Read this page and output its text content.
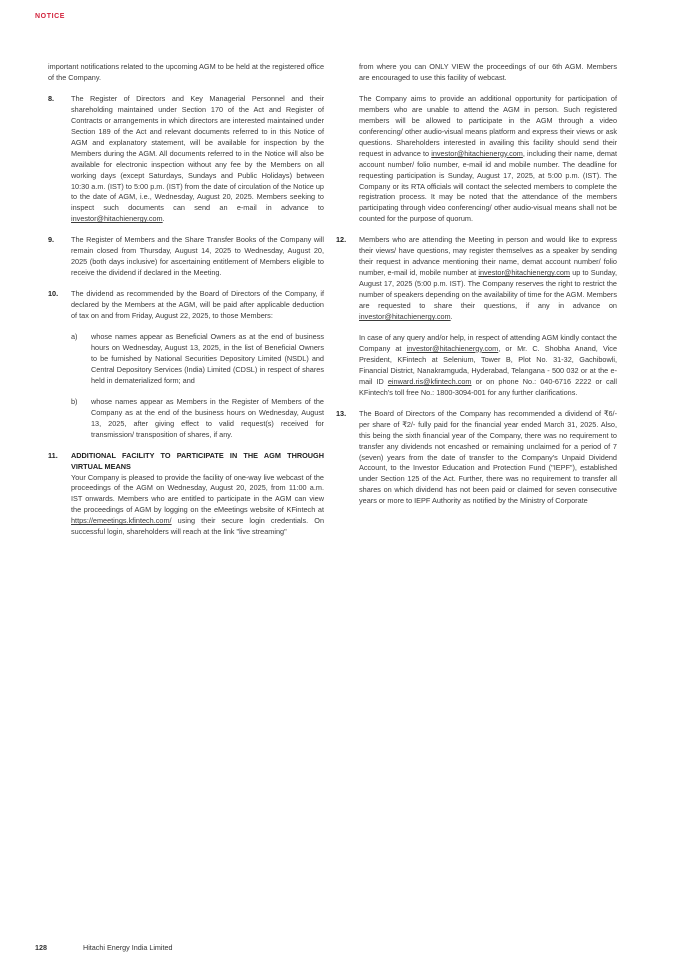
NOTICE

important notifications related to the upcoming AGM to be held at the registered office of the Company.

8. The Register of Directors and Key Managerial Personnel and their shareholding maintained under Section 170 of the Act and Register of Contracts or arrangements in which directors are interested maintained under Section 189 of the Act and relevant documents referred to in this Notice of AGM and explanatory statement, will be available for inspection by the Members during the AGM. All documents referred to in the Notice will also be available for electronic inspection without any fee by the Members on all working days (except Saturdays, Sundays and Public Holidays) between 10:30 a.m. (IST) to 5:00 p.m. (IST) from the date of circulation of the Notice up to the date of AGM, i.e., Wednesday, August 20, 2025. Members seeking to inspect such documents can send an e-mail in advance to investor@hitachienergy.com.
9. The Register of Members and the Share Transfer Books of the Company will remain closed from Thursday, August 14, 2025 to Wednesday, August 20, 2025 (both days inclusive) for ascertaining entitlement of Members eligible to receive the dividend if declared in the Meeting.
10. The dividend as recommended by the Board of Directors of the Company, if declared by the Members at the AGM, will be paid after applicable deduction of tax on and from Friday, August 22, 2025, to those Members:

a) whose names appear as Beneficial Owners as at the end of business hours on Wednesday, August 13, 2025, in the list of Beneficial Owners to be furnished by National Securities Depository Limited (NSDL) and Central Depository Services (India) Limited (CDSL) in respect of shares held in dematerialized form; and
b) whose names appear as Members in the Register of Members of the Company as at the end of the business hours on Wednesday, August 13, 2025, after giving effect to valid request(s) received for transmission/ transposition of shares, if any.
11. ADDITIONAL FACILITY TO PARTICIPATE IN THE AGM THROUGH VIRTUAL MEANS
Your Company is pleased to provide the facility of one-way live webcast of the proceedings of the AGM on Wednesday, August 20, 2025, from 11:00 a.m. IST onwards. Members who are entitled to participate in the AGM can view the proceedings of AGM by logging on the eMeetings website of KFintech at https://emeetings.kfintech.com/ using their secure login credentials. On successful login, shareholders will reach at the link "live streaming"

from where you can ONLY VIEW the proceedings of our 6th AGM. Members are encouraged to use this facility of webcast.

The Company aims to provide an additional opportunity for participation of members who are unable to attend the AGM in person. Such registered members will be allowed to participate in the AGM through a video conferencing/ other audio-visual means platform and express their views or ask questions. Shareholders interested in availing this facility should send their request in advance to investor@hitachienergy.com, including their name, demat account number/ folio number, e-mail id and mobile number. The deadline for requesting participation is Sunday, August 17, 2025, at 5:00 p.m. (IST). The Company or its RTA officials will contact the selected members to complete the registration process. It may be noted that the attendance of the members participating through video conferencing/ other audio-visual means shall not be counted for the purpose of quorum.

12. Members who are attending the Meeting in person and would like to express their views/ have questions, may register themselves as a speaker by sending their request in advance mentioning their name, demat account number/ folio number, e-mail id, mobile number at investor@hitachienergy.com up to Sunday, August 17, 2025 (5:00 p.m. IST). The Company reserves the right to restrict the number of speakers depending on the availability of time for the AGM. Members are requested to share their questions, if any in advance on investor@hitachienergy.com.

In case of any query and/or help, in respect of attending AGM kindly contact the Company at investor@hitachienergy.com, or Mr. C. Shobha Anand, Vice President, KFintech at Selenium, Tower B, Plot No. 31-32, Gachibowli, Financial District, Nanakramguda, Hyderabad, Telangana - 500 032 or at the e-mail ID einward.ris@kfintech.com or on phone No.: 040-6716 2222 or call KFintech's toll free No.: 1800-3094-001 for any further clarifications.

13. The Board of Directors of the Company has recommended a dividend of ₹6/- per share of ₹2/- fully paid for the financial year ended March 31, 2025. Also, this being the sixth financial year of the Company, there was no requirement to transfer any dividends not encashed or remaining unclaimed for a period of 7 (seven) years from the date of transfer to the Company's Unpaid Dividend Account, to the Investor Education and Protection Fund ("IEPF"), established under Section 125 of the Act. Further, there was no requirement to transfer all shares on which dividend has not been paid or claimed for seven consecutive years or more to IEPF Authority as notified by the Ministry of Corporate
128	Hitachi Energy India Limited
